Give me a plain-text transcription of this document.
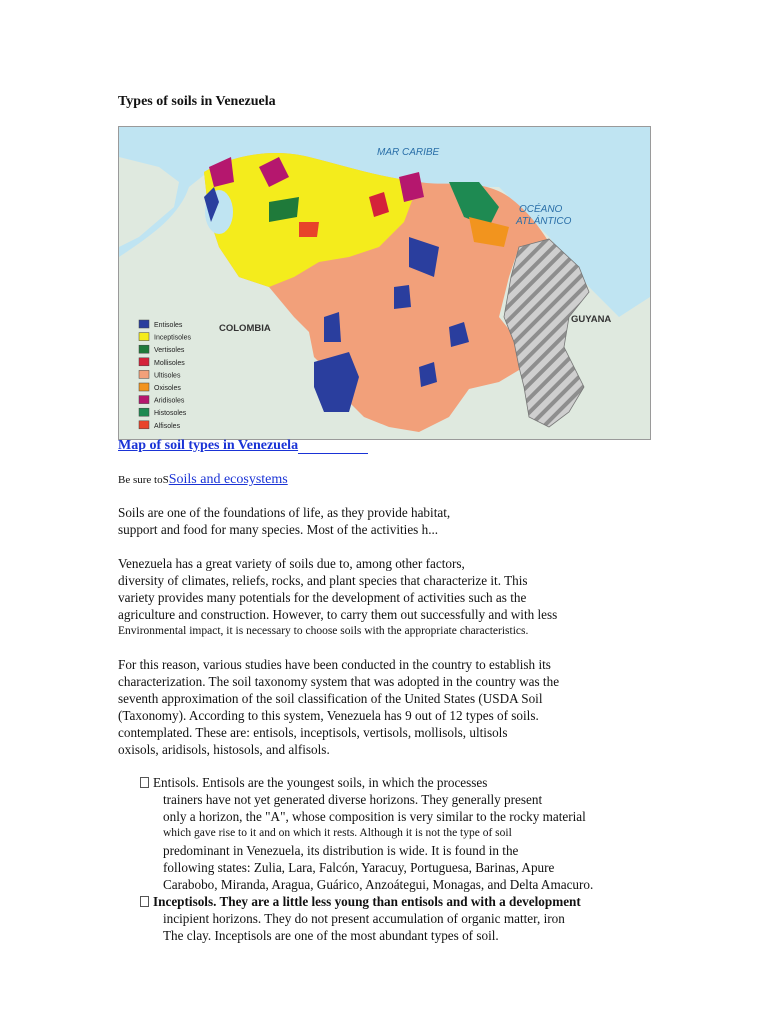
Types of soils in Venezuela
MAR CARIBE
OCÉANO
ATLÁNTICO
COLOMBIA
GUYANA
Entisoles
Inceptisoles
Vertisoles
Mollisoles
Ultisoles
Oxisoles
Aridisoles
Histosoles
Alfisoles
Map of soil types in Venezuela
Be sure toSSoils and ecosystems

Soils are one of the foundations of life, as they provide habitat,
support and food for many species. Most of the activities h...

Venezuela has a great variety of soils due to, among other factors,
diversity of climates, reliefs, rocks, and plant species that characterize it. This
variety provides many potentials for the development of activities such as the
agriculture and construction. However, to carry them out successfully and with less
Environmental impact, it is necessary to choose soils with the appropriate characteristics.

For this reason, various studies have been conducted in the country to establish its
characterization. The soil taxonomy system that was adopted in the country was the
seventh approximation of the soil classification of the United States (USDA Soil
(Taxonomy). According to this system, Venezuela has 9 out of 12 types of soils.
contemplated. These are: entisols, inceptisols, vertisols, mollisols, ultisols
oxisols, aridisols, histosols, and alfisols.

Entisols. Entisols are the youngest soils, in which the processes
trainers have not yet generated diverse horizons. They generally present
only a horizon, the "A", whose composition is very similar to the rocky material
which gave rise to it and on which it rests. Although it is not the type of soil
predominant in Venezuela, its distribution is wide. It is found in the
following states: Zulia, Lara, Falcón, Yaracuy, Portuguesa, Barinas, Apure
Carabobo, Miranda, Aragua, Guárico, Anzoátegui, Monagas, and Delta Amacuro.
Inceptisols. They are a little less young than entisols and with a development
incipient horizons. They do not present accumulation of organic matter, iron
The clay. Inceptisols are one of the most abundant types of soil.
